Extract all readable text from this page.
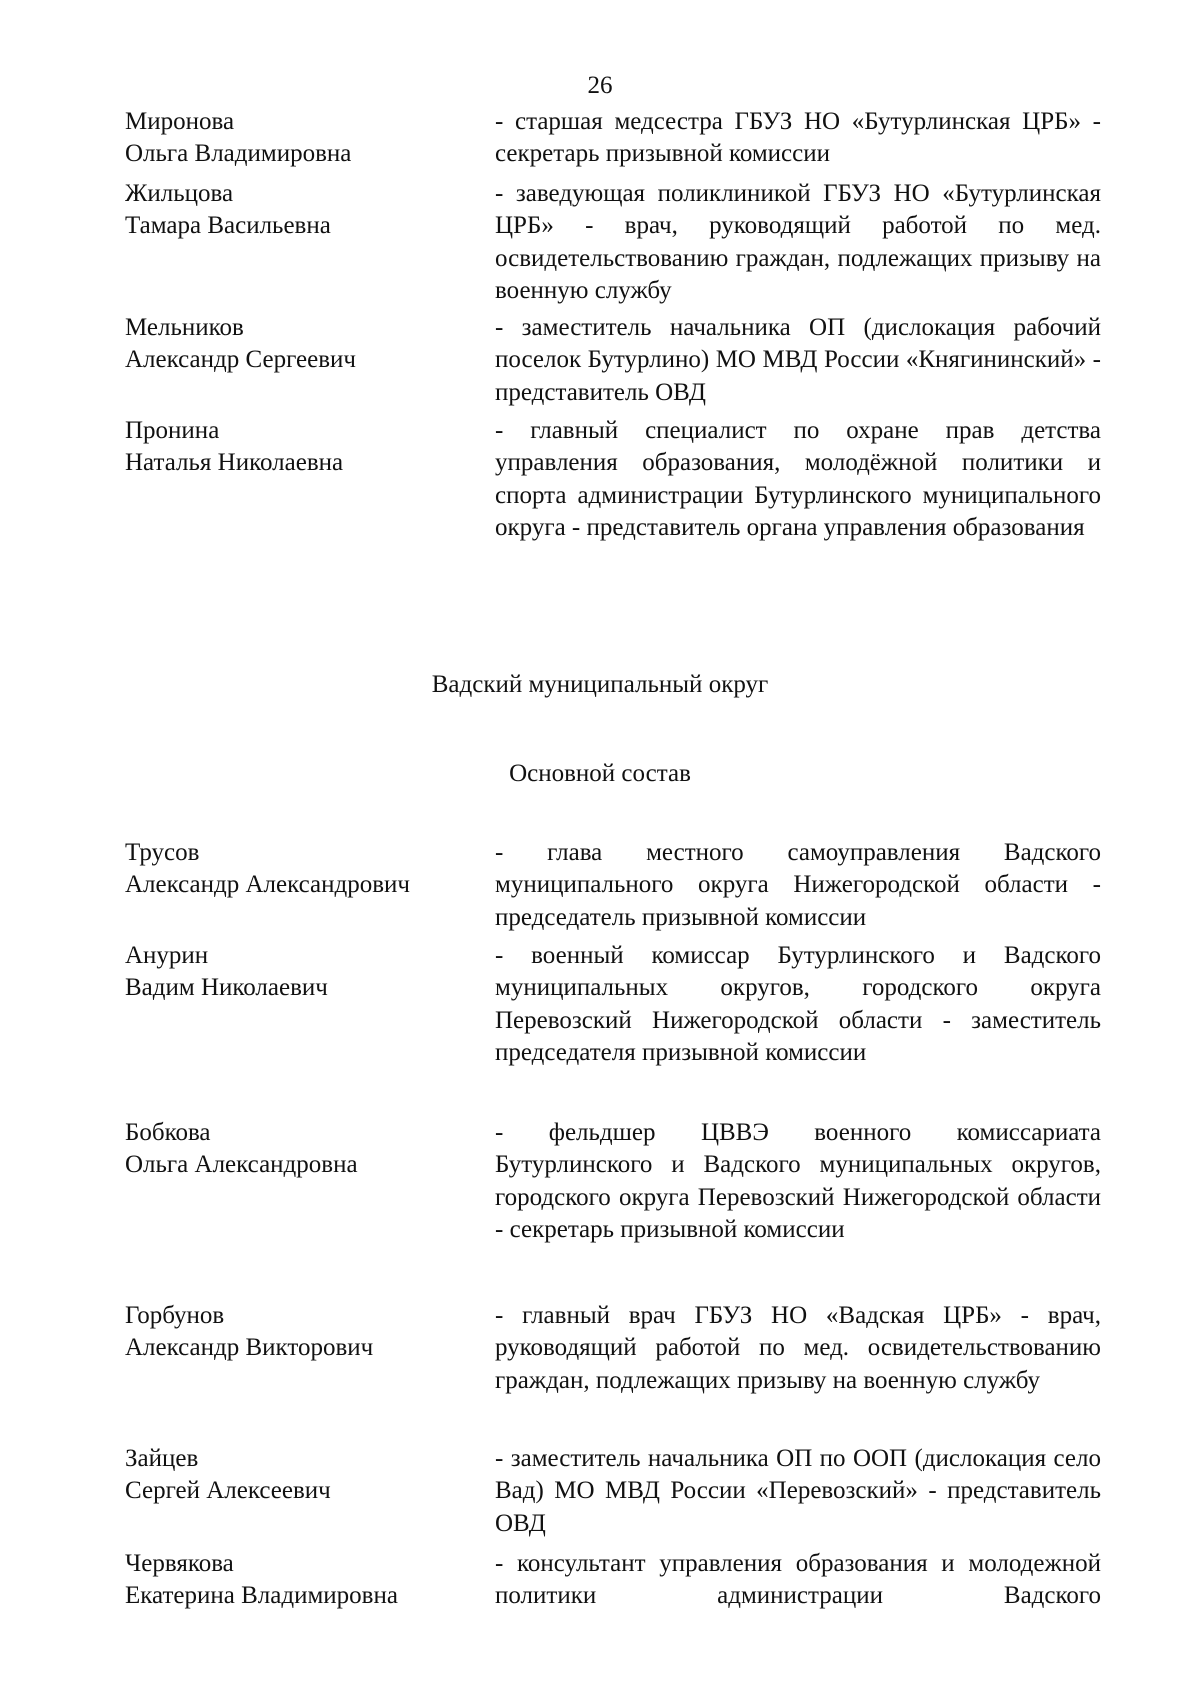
26
Миронова
Ольга Владимировна
- старшая медсестра ГБУЗ НО «Бутурлинская ЦРБ» - секретарь призывной комиссии
Жильцова
Тамара Васильевна
- заведующая поликлиникой ГБУЗ НО «Бутурлинская ЦРБ» - врач, руководящий работой по мед. освидетельствованию граждан, подлежащих призыву на военную службу
Мельников
Александр Сергеевич
- заместитель начальника ОП (дислокация рабочий поселок Бутурлино) МО МВД России «Княгининский» - представитель ОВД
Пронина
Наталья Николаевна
- главный специалист по охране прав детства управления образования, молодёжной политики и спорта администрации Бутурлинского муниципального округа - представитель органа управления образования
Вадский муниципальный округ
Основной состав
Трусов
Александр Александрович
- глава местного самоуправления Вадского муниципального округа Нижегородской области - председатель призывной комиссии
Анурин
Вадим Николаевич
- военный комиссар Бутурлинского и Вадского муниципальных округов, городского округа Перевозский Нижегородской области - заместитель председателя призывной комиссии
Бобкова
Ольга Александровна
- фельдшер ЦВВЭ военного комиссариата Бутурлинского и Вадского муниципальных округов, городского округа Перевозский Нижегородской области - секретарь призывной комиссии
Горбунов
Александр Викторович
- главный врач ГБУЗ НО «Вадская ЦРБ» - врач, руководящий работой по мед. освидетельствованию граждан, подлежащих призыву на военную службу
Зайцев
Сергей Алексеевич
- заместитель начальника ОП по ООП (дислокация село Вад) МО МВД России «Перевозский» - представитель ОВД
Червякова
Екатерина Владимировна
- консультант управления образования и молодежной политики администрации Вадского
